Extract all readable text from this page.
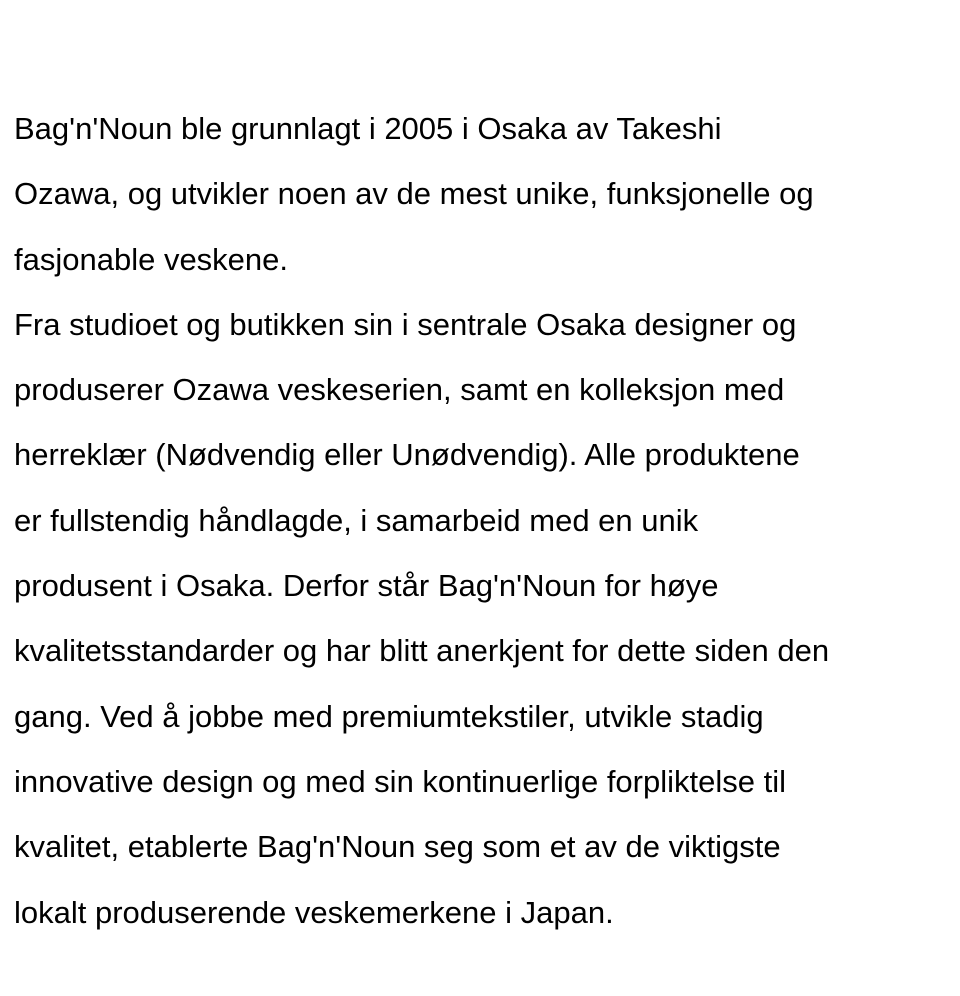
Bag'n'Noun ble grunnlagt i 2005 i Osaka av Takeshi
Ozawa, og utvikler noen av de mest unike, funksjonelle og
fasjonable veskene.

Fra studioet og butikken sin i sentrale Osaka designer og
produserer Ozawa veskeserien, samt en kolleksjon med
herreklær (Nødvendig eller Unødvendig). Alle produktene
er fullstendig håndlagde, i samarbeid med en unik
produsent i Osaka. Derfor står Bag'n'Noun for høye
kvalitetsstandarder og har blitt anerkjent for dette siden den
gang. Ved å jobbe med premiumtekstiler, utvikle stadig
innovative design og med sin kontinuerlige forpliktelse til
kvalitet, etablerte Bag'n'Noun seg som et av de viktigste
lokalt produserende veskemerkene i Japan.
